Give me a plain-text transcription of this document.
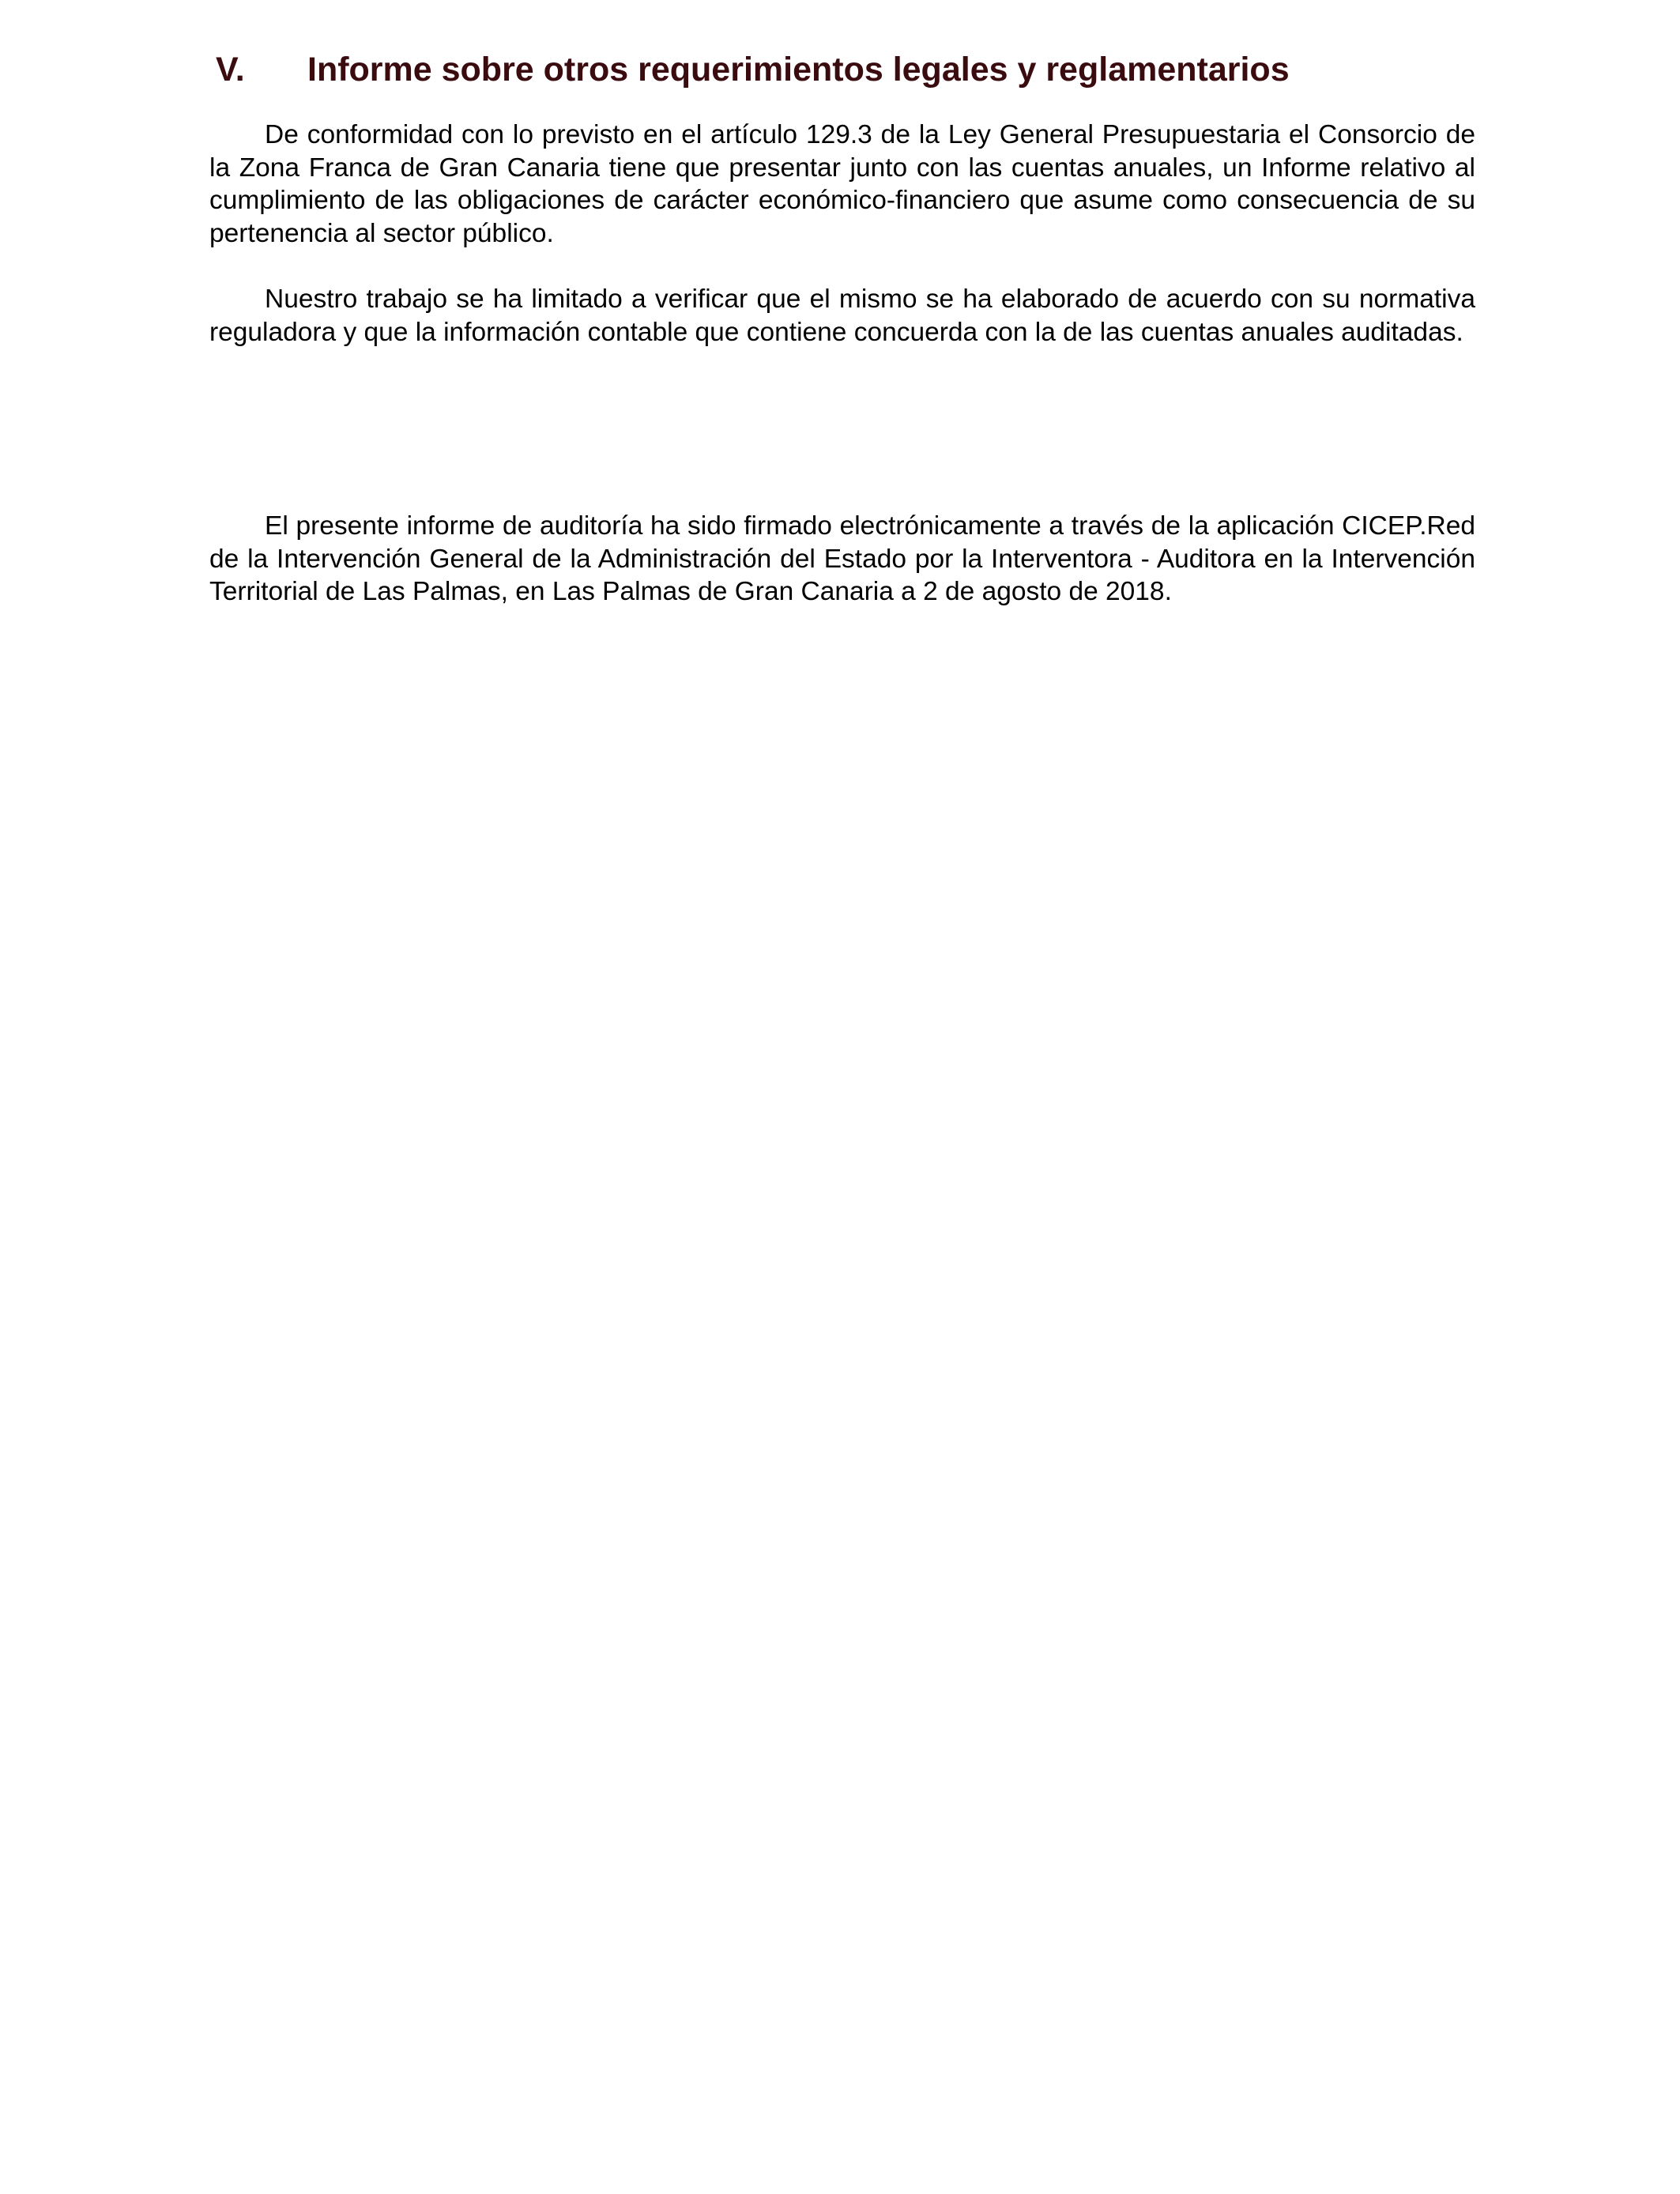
V.	Informe sobre otros requerimientos legales y reglamentarios

De conformidad con lo previsto en el artículo 129.3 de la Ley General Presupuestaria el Consorcio de la Zona Franca de Gran Canaria tiene que presentar junto con las cuentas anuales, un Informe relativo al cumplimiento de las obligaciones de carácter económico-financiero que asume como consecuencia de su pertenencia al sector público.

Nuestro trabajo se ha limitado a verificar que el mismo se ha elaborado de acuerdo con su normativa reguladora y que la información contable que contiene concuerda con la de las cuentas anuales auditadas.

El presente informe de auditoría ha sido firmado electrónicamente a través de la aplicación CICEP.Red de la Intervención General de la Administración del Estado por la Interventora - Auditora en la Intervención Territorial de Las Palmas, en Las Palmas de Gran Canaria a 2 de agosto de 2018.
